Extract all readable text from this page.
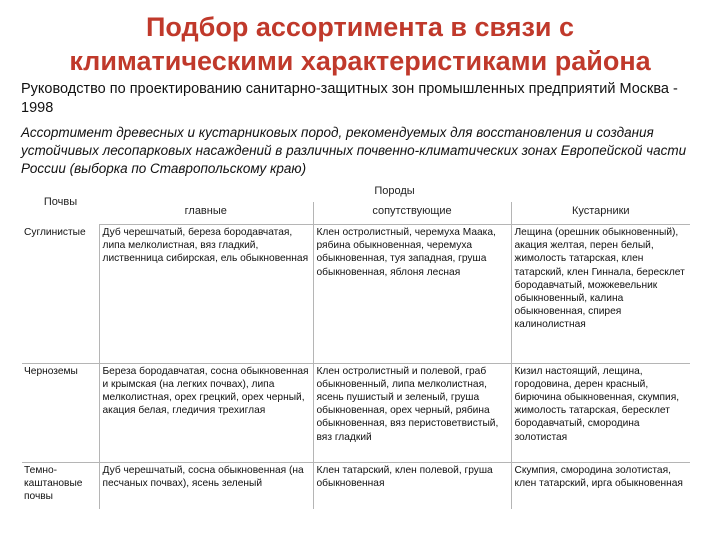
Подбор ассортимента в связи с
климатическими характеристиками района
Руководство по проектированию санитарно-защитных зон промышленных предприятий Москва - 1998
Ассортимент древесных и кустарниковых пород, рекомендуемых для восстановления и создания устойчивых лесопарковых насаждений в различных почвенно-климатических зонах Европейской части России (выборка по Ставропольскому краю)
Почвы	Породы		
	главные	сопутствующие	Кустарники
Суглинистые	Дуб черешчатый, береза бородавчатая, липа мелколистная, вяз гладкий, лиственница сибирская, ель обыкновенная	Клен остролистный, черемуха Маака, рябина обыкновенная, черемуха обыкновенная, туя западная, груша обыкновенная, яблоня лесная	Лещина (орешник обыкновенный), акация желтая, перен белый, жимолость татарская, клен татарский, клен Гиннала, бересклет бородавчатый, можжевельник обыкновенный, калина обыкновенная, спирея калинолистная
Черноземы	Береза бородавчатая, сосна обыкновенная и крымская (на легких почвах), липа мелколистная, орех грецкий, орех черный, акация белая, гледичия трехиглая	Клен остролистный и полевой, граб обыкновенный, липа мелколистная, ясень пушистый и зеленый, груша обыкновенная, орех черный, рябина обыкновенная, вяз перистоветвистый, вяз гладкий	Кизил настоящий, лещина, городовина, дерен красный, бирючина обыкновенная, скумпия, жимолость татарская, бересклет бородавчатый, смородина золотистая
Темно-каштановые почвы	Дуб черешчатый, сосна обыкновенная (на песчаных почвах), ясень зеленый	Клен татарский, клен полевой, груша обыкновенная	Скумпия, смородина золотистая, клен татарский, ирга обыкновенная
